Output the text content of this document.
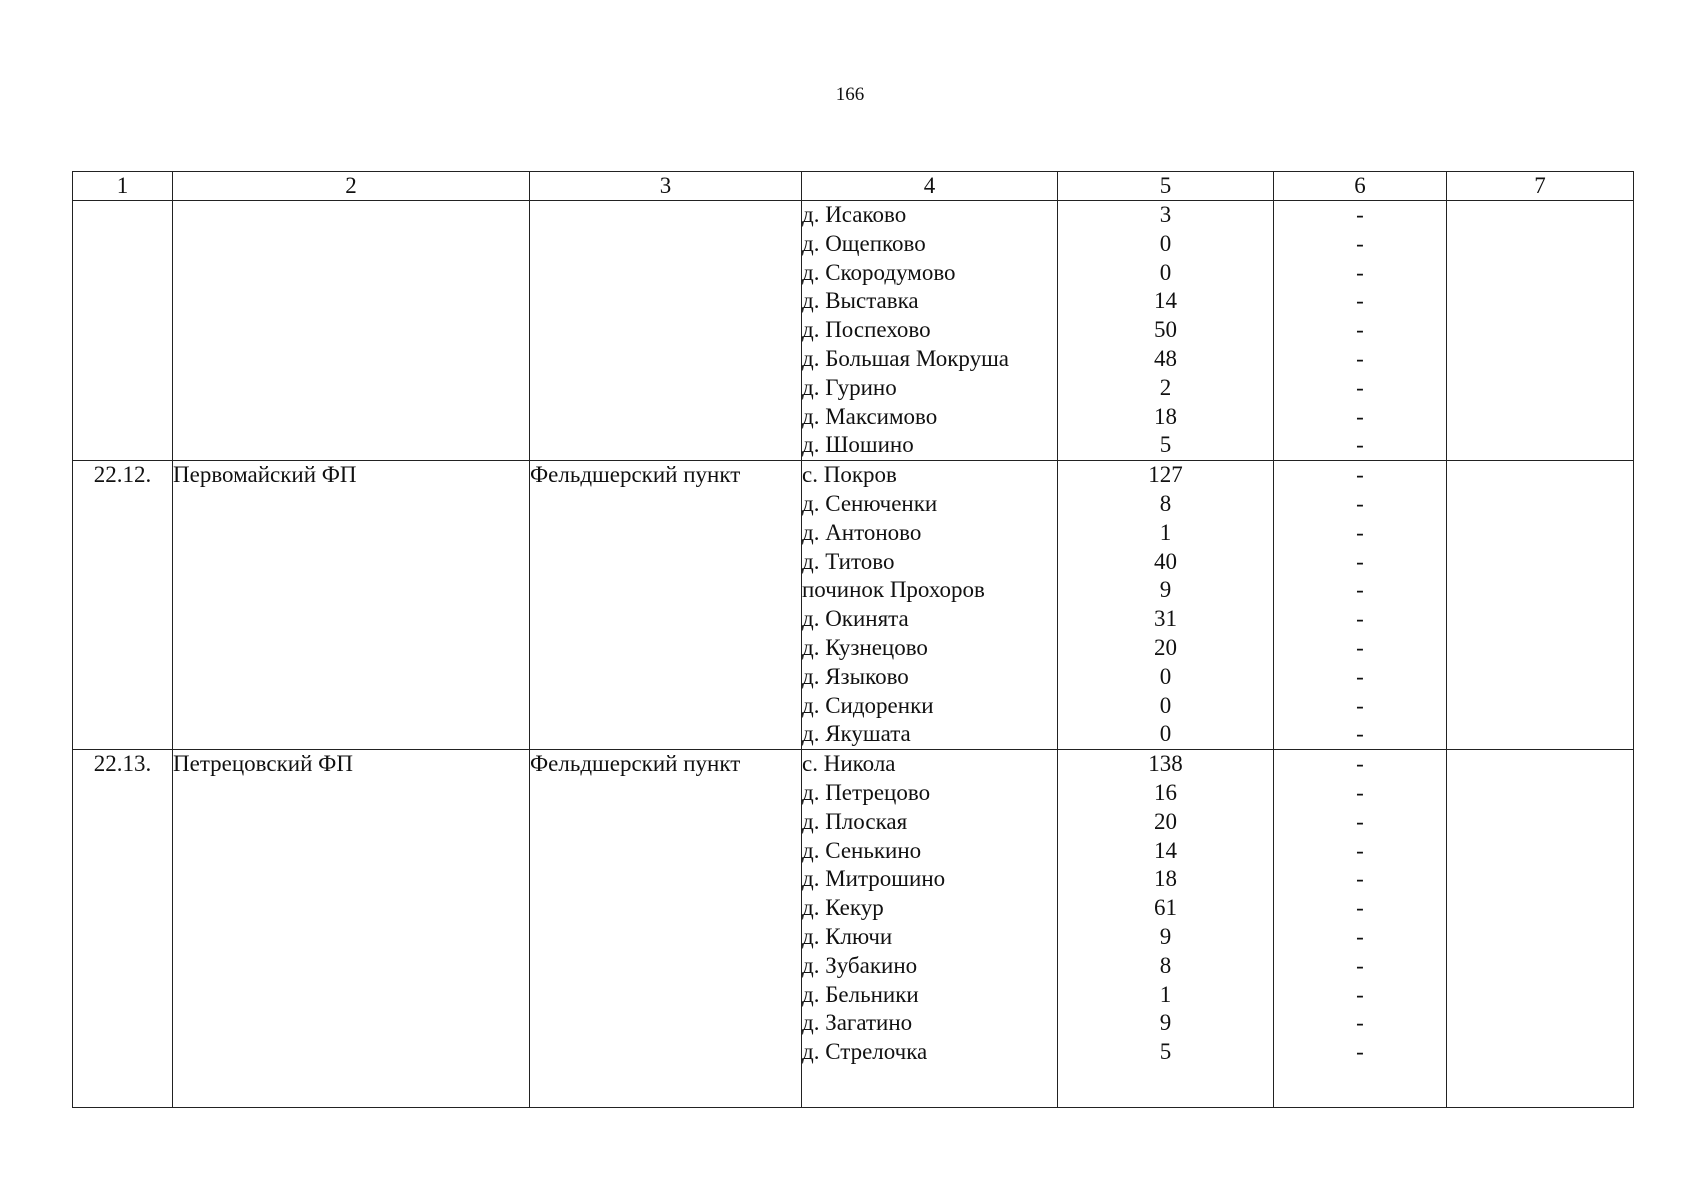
166
1	2	3	4	5	6	7
			д. Исаково	3	-	
			д. Ощепково	0	-	
			д. Скородумово	0	-	
			д. Выставка	14	-	
			д. Поспехово	50	-	
			д. Большая Мокруша	48	-	
			д. Гурино	2	-	
			д. Максимово	18	-	
			д. Шошино	5	-	
22.12.	Первомайский ФП	Фельдшерский пункт	с. Покров	127	-	
			д. Сенюченки	8	-	
			д. Антоново	1	-	
			д. Титово	40	-	
			починок Прохоров	9	-	
			д. Окинята	31	-	
			д. Кузнецово	20	-	
			д. Языково	0	-	
			д. Сидоренки	0	-	
			д. Якушата	0	-	
22.13.	Петрецовский ФП	Фельдшерский пункт	с. Никола	138	-	
			д. Петрецово	16	-	
			д. Плоская	20	-	
			д. Сенькино	14	-	
			д. Митрошино	18	-	
			д. Кекур	61	-	
			д. Ключи	9	-	
			д. Зубакино	8	-	
			д. Бельники	1	-	
			д. Загатино	9	-	
			д. Стрелочка	5	-	
